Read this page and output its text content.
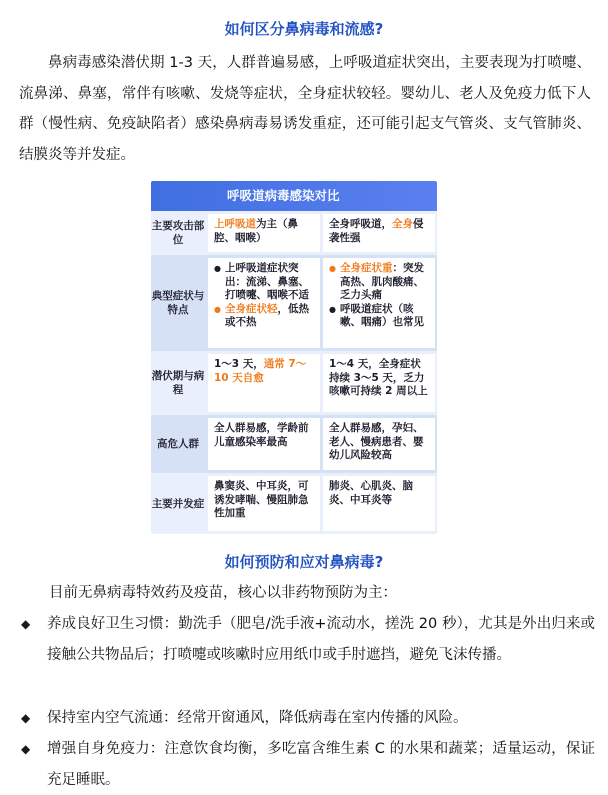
如何区分鼻病毒和流感?

鼻病毒感染潜伏期 1-3 天，人群普遍易感，上呼吸道症状突出，主要表现为打喷嚏、流鼻涕、鼻塞，常伴有咳嗽、发烧等症状，全身症状较轻。婴幼儿、老人及免疫力低下人群（慢性病、免疫缺陷者）感染鼻病毒易诱发重症，还可能引起支气管炎、支气管肺炎、结膜炎等并发症。

呼吸道病毒感染对比
主要攻击部位
上呼吸道为主（鼻腔、咽喉）
全身呼吸道，全身侵袭性强
典型症状与特点
● 上呼吸道症状突出：流涕、鼻塞、打喷嚏、咽喉不适
● 全身症状轻，低热或不热
● 全身症状重：突发高热、肌肉酸痛、乏力头痛
● 呼吸道症状（咳嗽、咽痛）也常见
潜伏期与病程
1～3 天，通常 7～10 天自愈
1～4 天，全身症状持续 3～5 天，乏力咳嗽可持续 2 周以上
高危人群
全人群易感，学龄前儿童感染率最高
全人群易感，孕妇、老人、慢病患者、婴幼儿风险较高
主要并发症
鼻窦炎、中耳炎，可诱发哮喘、慢阻肺急性加重
肺炎、心肌炎、脑炎、中耳炎等
如何预防和应对鼻病毒?

目前无鼻病毒特效药及疫苗，核心以非药物预防为主：

◆ 养成良好卫生习惯：勤洗手（肥皂/洗手液+流动水，搓洗 20 秒），尤其是外出归来或接触公共物品后；打喷嚏或咳嗽时应用纸巾或手肘遮挡，避免飞沫传播。
◆ 保持室内空气流通：经常开窗通风，降低病毒在室内传播的风险。
◆ 增强自身免疫力：注意饮食均衡，多吃富含维生素 C 的水果和蔬菜；适量运动，保证充足睡眠。
